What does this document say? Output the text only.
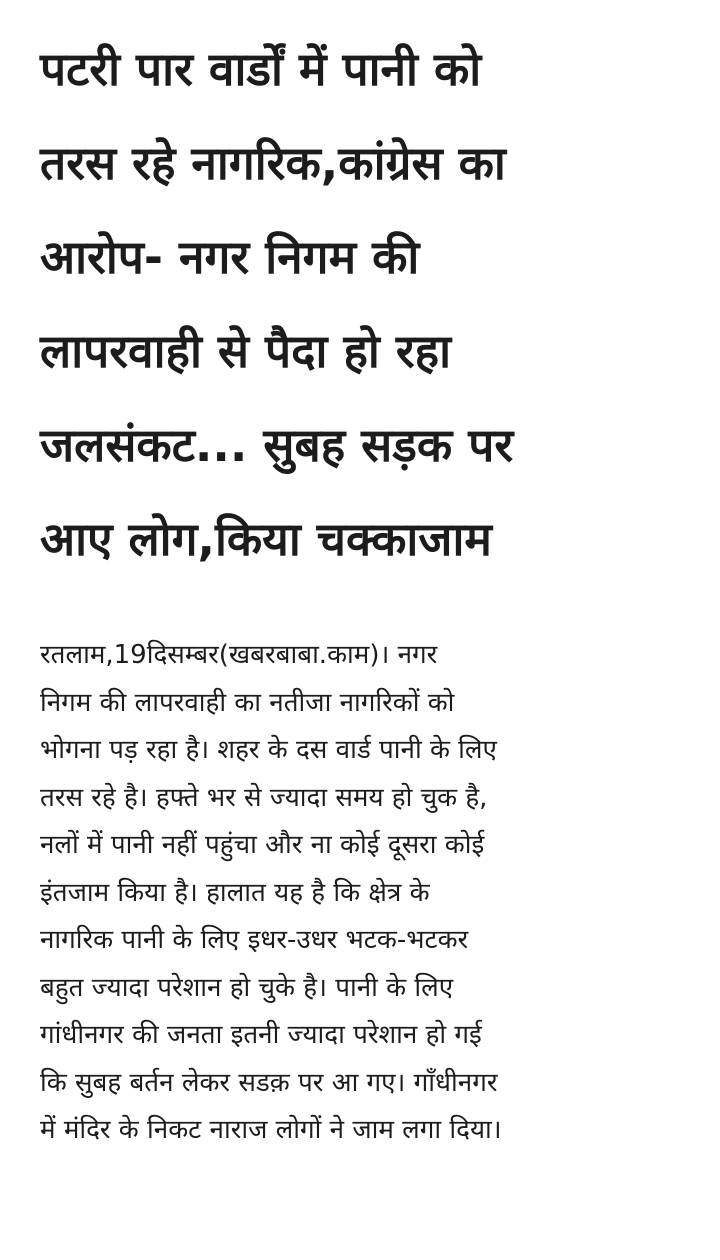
पटरी पार वार्डों में पानी को
तरस रहे नागरिक,कांग्रेस का
आरोप- नगर निगम की
लापरवाही से पैदा हो रहा
जलसंकट... सुबह सड़क पर
आए लोग,किया चक्काजाम

रतलाम,19दिसम्बर(खबरबाबा.काम)। नगर
निगम की लापरवाही का नतीजा नागरिकों को
भोगना पड़ रहा है। शहर के दस वार्ड पानी के लिए
तरस रहे है। हफ्ते भर से ज्यादा समय हो चुक है,
नलों में पानी नहीं पहुंचा और ना कोई दूसरा कोई
इंतजाम किया है। हालात यह है कि क्षेत्र के
नागरिक पानी के लिए इधर-उधर भटक-भटकर
बहुत ज्यादा परेशान हो चुके है। पानी के लिए
गांधीनगर की जनता इतनी ज्यादा परेशान हो गई
कि सुबह बर्तन लेकर सडक़ पर आ गए। गाँधीनगर
में मंदिर के निकट नाराज लोगों ने जाम लगा दिया।
